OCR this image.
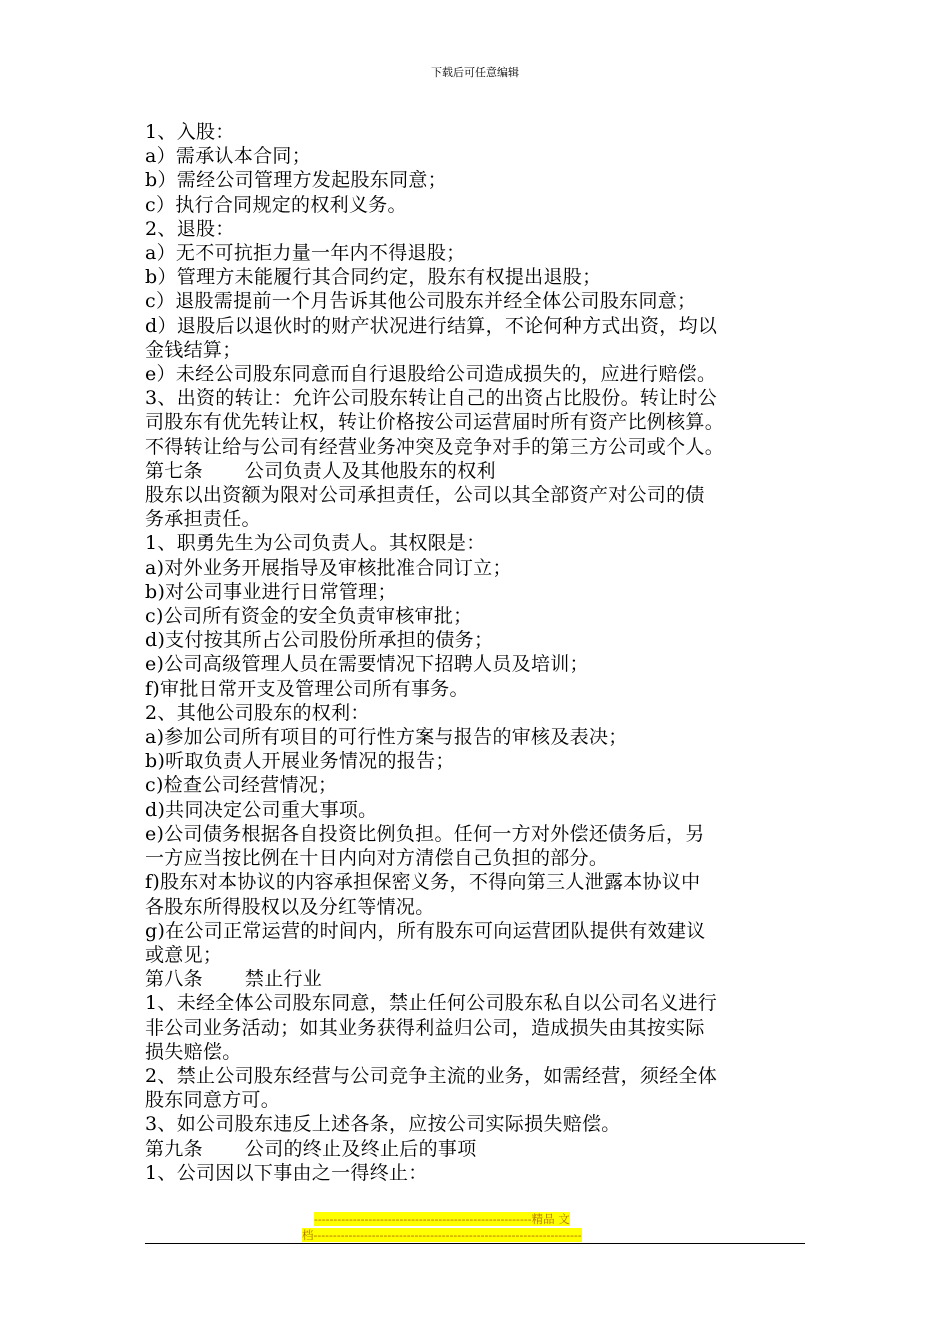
下载后可任意编辑

1、入股：

a）需承认本合同；

b）需经公司管理方发起股东同意；

c）执行合同规定的权利义务。

2、退股：

a）无不可抗拒力量一年内不得退股；

b）管理方未能履行其合同约定，股东有权提出退股；

c）退股需提前一个月告诉其他公司股东并经全体公司股东同意；

d）退股后以退伙时的财产状况进行结算，不论何种方式出资，均以

金钱结算；

e）未经公司股东同意而自行退股给公司造成损失的，应进行赔偿。

3、出资的转让：允许公司股东转让自己的出资占比股份。转让时公

司股东有优先转让权，转让价格按公司运营届时所有资产比例核算。

不得转让给与公司有经营业务冲突及竞争对手的第三方公司或个人。

第七条 公司负责人及其他股东的权利

股东以出资额为限对公司承担责任，公司以其全部资产对公司的债

务承担责任。

1、职勇先生为公司负责人。其权限是：

a)对外业务开展指导及审核批准合同订立；

b)对公司事业进行日常管理；

c)公司所有资金的安全负责审核审批；

d)支付按其所占公司股份所承担的债务；

e)公司高级管理人员在需要情况下招聘人员及培训；

f)审批日常开支及管理公司所有事务。

2、其他公司股东的权利：

a)参加公司所有项目的可行性方案与报告的审核及表决；

b)听取负责人开展业务情况的报告；

c)检查公司经营情况；

d)共同决定公司重大事项。

e)公司债务根据各自投资比例负担。任何一方对外偿还债务后，另

一方应当按比例在十日内向对方清偿自己负担的部分。

f)股东对本协议的内容承担保密义务，不得向第三人泄露本协议中

各股东所得股权以及分红等情况。

g)在公司正常运营的时间内，所有股东可向运营团队提供有效建议

或意见；

第八条 禁止行业

1、未经全体公司股东同意，禁止任何公司股东私自以公司名义进行

非公司业务活动；如其业务获得利益归公司，造成损失由其按实际

损失赔偿。

2、禁止公司股东经营与公司竞争主流的业务，如需经营，须经全体

股东同意方可。

3、如公司股东违反上述各条，应按公司实际损失赔偿。

第九条 公司的终止及终止后的事项

1、公司因以下事由之一得终止：

--------------------------------------------------------精品 文
档---------------------------------------------------------------------
